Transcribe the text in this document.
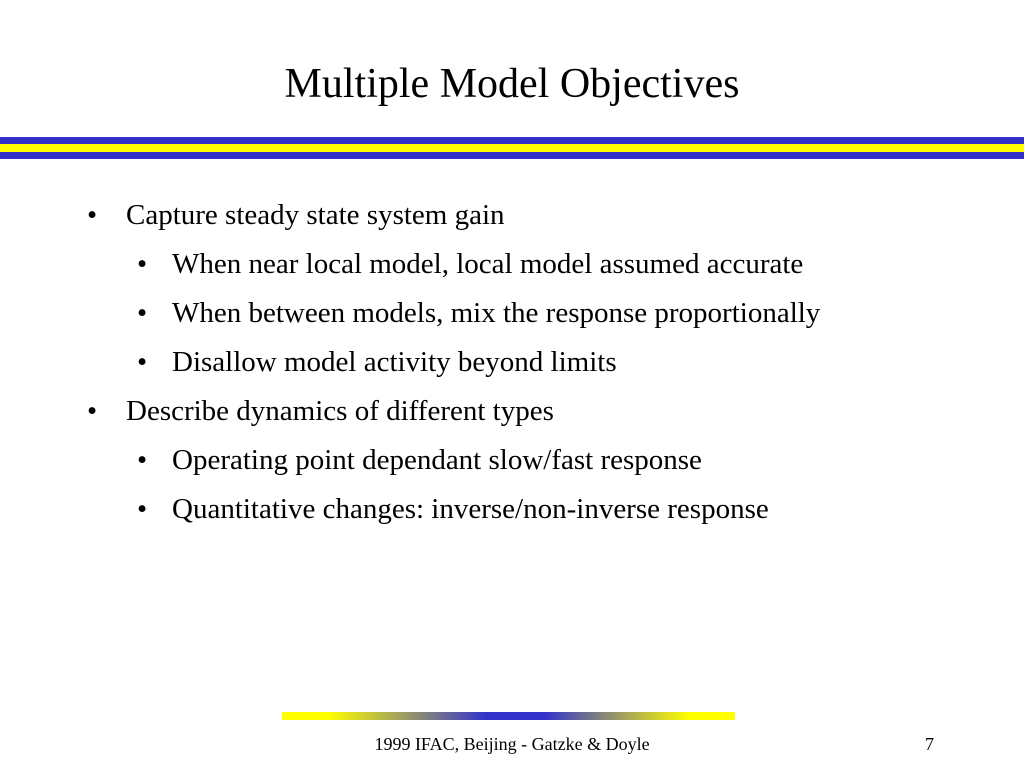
Multiple Model Objectives
• Capture steady state system gain
• When near local model, local model assumed accurate
• When between models, mix the response proportionally
• Disallow model activity beyond limits
• Describe dynamics of different types
• Operating point dependant slow/fast response
• Quantitative changes: inverse/non-inverse response
1999 IFAC, Beijing - Gatzke & Doyle	7
